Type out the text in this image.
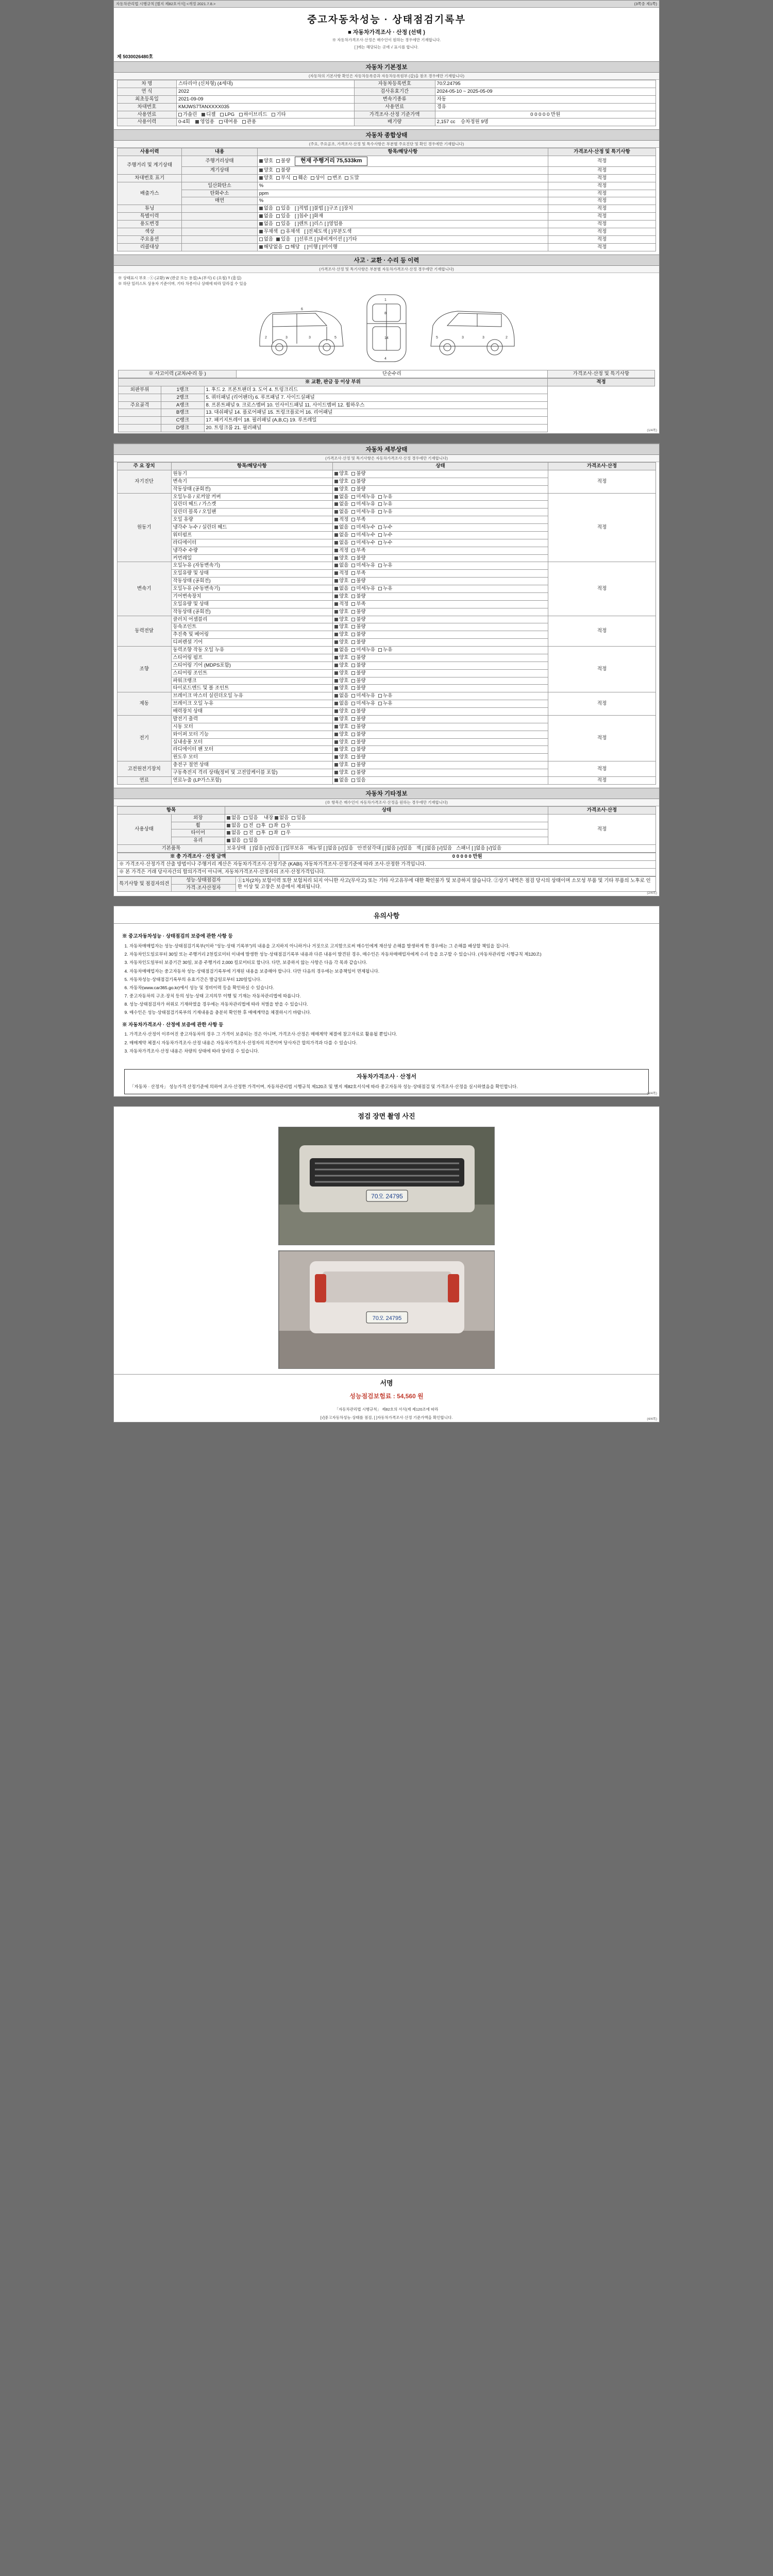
자동차관리법 시행규칙 [별지 제82호서식] <개정 2021.7.8.>	(3쪽중 제1쪽)
중고자동차성능 · 상태점검기록부
■ 자동차가격조사 · 산정 (선택 )
※ 자동차가격조사·산정은 매수인이 원하는 경우에만 기재합니다.
[ ]에는 해당되는 곳에 √ 표시를 합니다.
제 5030026480호
자동차 기본정보
(자동차의 기본사항 확인은 자동차등록증과 자동차등록원부 (갑)을 참조 경우에만 기재합니다)
차 명	스타리아 (신차형) (4세대)	자동차등록번호	70오24795
연 식	2022	검사유효기간	2024-05-10 ~ 2025-05-09
최초등록일	2021-09-09	변속기종류	자동
차대번호	KMJWS7TANXXXX035	사용연료	경유
사용연료	가솔린 디젤 LPG 하이브리드 기타	가격조사·산정 기준가액	0 0 0 0 0 만원
사용이력	0-4회 영업용 대여용 관용	배기량	2,157 cc 승차정원 9명
자동차 종합상태
(주요, 주요골조, 가격조사·산정 및 특수사항은 부분별 주요진단 및 확인 경우에만 기재합니다)
사용이력	내용	항목/해당사항	가격조사·산정 및 특기사항
주행거리 및 계기상태	주행거리상태	양호 불량 현재 주행거리 75,533km	적정
	계기상태	양호 불량	적정
차대번호 표기		양호 부식 훼손 상이 변조 도말	적정
배출가스	일산화탄소	%	적정
	탄화수소	ppm	적정
	매연	%	적정
튜닝		없음 있음 [ ]적법 [ ]불법 [ ]구조 [ ]장치	적정
특별이력		없음 있음 [ ]침수 [ ]화재	적정
용도변경		없음 있음 [ ]렌트 [ ]리스 [ ]영업용	적정
색상		무채색 유채색 [ ]전체도색 [ ]부분도색	적정
주요옵션		없음 있음 [ ]선루프 [ ]내비게이션 [ ]기타	적정
리콜대상		해당없음 해당 [ ]이행 [ ]미이행	적정
사고 · 교환 · 수리 등 이력
(가격조사·산정 및 특기사항은 부분별 자동차가격조사·산정 경우에만 기재합니다)
※ 상태표시 부호 : ⓧ (교환) W (판금 또는 용접) A (부식) C (요철) T (흠집)
※ 하단 일러스트 상용자 기준이며, 기타 차종이나 상태에 따라 달라질 수 있음
2	3	3	5
6
1
8
14
4
2
3
3
5
※ 사고이력 (교차/수리 등 )	단순수리	가격조사·산정 및 특기사항
※ 교환, 판금 등 이상 부위			적정
외판부위	1랭크	1. 후드 2. 프론트팬더 3. 도어 4. 트렁크리드	
	2랭크	5. 쿼터패널 (리어팬더) 6. 루프패널 7. 사이드실패널	
주요골격	A랭크	8. 프론트패널 9. 크로스멤버 10. 인사이드패널 11. 사이드멤버 12. 휠하우스	
	B랭크	13. 대쉬패널 14. 플로어패널 15. 트렁크플로어 16. 리어패널	
	C랭크	17. 패키지트레이 18. 필러패널 (A,B,C) 19. 루프레일	
	D랭크	20. 트렁크룸 21. 필러패널		(1/4쪽)
자동차 세부상태
(가격조사·산정 및 특기사항은 자동차가격조사·산정 경우에만 기재합니다)
주 요 장치	항목/해당사항	상태	가격조사·산정
자기진단	원동기	양호 불량	적정
	변속기	양호 불량	
	작동상태 (공회전)	양호 불량	
원동기	오일누유 / 로커암 커버	없음 미세누유 누유	적정
	실린더 헤드 / 가스켓	없음 미세누유 누유	
	실린더 블록 / 오일팬	없음 미세누유 누유	
	오일 유량	적정 부족	
	냉각수 누수 / 실린더 헤드	없음 미세누수 누수	
	워터펌프	없음 미세누수 누수	
	라디에이터	없음 미세누수 누수	
	냉각수 수량	적정 부족	
	커먼레일	양호 불량	
변속기	오일누유 (자동변속기)	없음 미세누유 누유	적정
	오일유량 및 상태	적정 부족	
	작동상태 (공회전)	양호 불량	
	오일누유 (수동변속기)	없음 미세누유 누유	
	기어변속장치	양호 불량	
	오일유량 및 상태	적정 부족	
	작동상태 (공회전)	양호 불량	
동력전달	클러치 어셈블리	양호 불량	적정
	등속조인트	양호 불량	
	추진축 및 베어링	양호 불량	
	디퍼렌셜 기어	양호 불량	
조향	동력조향 작동 오일 누유	없음 미세누유 누유	적정
	스티어링 펌프	양호 불량	
	스티어링 기어 (MDPS포함)	양호 불량	
	스티어링 조인트	양호 불량	
	파워크랭크	양호 불량	
	타이로드엔드 및 볼 조인트	양호 불량	
제동	브레이크 마스터 실린더오일 누유	없음 미세누유 누유	적정
	브레이크 오일 누유	없음 미세누유 누유	
	배력장치 상태	양호 불량	
전기	발전기 출력	양호 불량	적정
	시동 모터	양호 불량	
	와이퍼 모터 기능	양호 불량	
	실내송풍 모터	양호 불량	
	라디에이터 팬 모터	양호 불량	
	윈도우 모터	양호 불량	
고전원전기장치	충전구 절연 상태	양호 불량	적정
	구동축전지 격리 상태(정비 및 고전압케이블 포함)	양호 불량	
연료	연료누출 (LP가스포함)	없음 있음	적정
자동차 기타정보
(※ 항목은 매수인이 자동차가격조사·산정을 원하는 경우에만 기재합니다)
항목		상태	가격조사·산정
사용상태	외장	없음 있음 내장 없음 있음	적정
	휠	없음 전 후 좌 우	
	타이어	없음 전 후 좌 우	
	유리	없음 있음	
기본품목		보유상태   [ ]없음 [√]있음 [ ]일부보유   매뉴얼 [ ]없음 [√]있음   안전삼각대 [ ]없음 [√]있음   잭 [ ]없음 [√]있음   스패너 [ ]없음 [√]있음	
※ 총 가격조사 · 산정 금액	0 0 0 0 0 만원
※ 가격조사·산정가격 산출 방법이나 주행거리 계산은 자동차가격조사·산정기준 (KABI) 자동차가격조사·산정기준에 따라 조사·산정한 가격입니다.
※ 본 가격은 거래 당사자간의 합의가격이 아니며, 자동차가격조사·산정자의 조사·산정가격입니다.
특기사항 및 점검자의견	성능·상태점검자	①1차(2차) 보험이력 또한 보험처리 되지 아니한 사고(무사고) 또는 기타 사고유무에 대한 확인불가 및 보증하지 않습니다. ②상기 내역은 점검 당시의 상태이며 소모성 부품 및 기타 부품의 노후로 인한 이상 및 고장은 보증에서 제외됩니다.
가격·조사산정자
(2/4쪽)
유의사항
※ 중고자동차성능 · 상태점검의 보증에 관한 사항 등
1. 자동차매매업자는 성능·상태점검기록부(이하 "성능·상태 기록부")의 내용을 고지하지 아니하거나 거짓으로 고지함으로써 매수인에게 재산상 손해를 발생하게 한 경우에는 그 손해를 배상할 책임을 집니다.
2. 자동차인도일로부터 30일 또는 주행거리 2천킬로미터 이내에 발생한 성능·상태점검기록부 내용과 다른 내용이 발견된 경우, 매수인은 자동차매매업자에게 수리 등을 요구할 수 있습니다. (자동차관리법 시행규칙 제120조)
3. 자동차인도일부터 보증기간 30일, 보증 주행거리 2,000 킬로미터로 합니다. 다만, 보증하지 않는 사항은 다음 각 목과 같습니다.
4. 자동차매매업자는 중고자동차 성능·상태점검기록부에 기재된 내용을 보증해야 합니다. 다만 다음의 경우에는 보증책임이 면제됩니다.
5. 자동차성능·상태점검기록부의 유효기간은 발급일로부터 120일입니다.
6. 자동차(www.car365.go.kr)에서 성능 및 정비이력 등을 확인하실 수 있습니다.
7. 중고자동차의 구조·장치 등의 성능·상태 고지의무 이행 및 기재는 자동차관리법에 따릅니다.
8. 성능·상태점검자가 허위로 기재하였을 경우에는 자동차관리법에 따라 처벌을 받을 수 있습니다.
9. 매수인은 성능·상태점검기록부의 기재내용을 충분히 확인한 후 매매계약을 체결하시기 바랍니다.
※ 자동차가격조사 · 산정에 보증에 관한 사항 등
1. 가격조사·산정이 이루어진 중고자동차의 경우 그 가격이 보증되는 것은 아니며, 가격조사·산정은 매매계약 체결에 참고자료로 활용될 뿐입니다.
2. 매매계약 체결시 자동차가격조사·산정 내용은 자동차가격조사·산정자의 의견이며 당사자간 합의가격과 다를 수 있습니다.
3. 자동차가격조사·산정 내용은 차량의 상태에 따라 달라질 수 있습니다.
자동차가격조사 · 산정서
「자동차 · 산정자」 성능가격 산정기준에 의하여 조사·산정한 가격이며, 자동차관리법 시행규칙 제120조 및 별지 제82호서식에 따라 중고자동차 성능·상태점검 및 가격조사·산정을 실시하였음을 확인합니다.
(3/4쪽)
점검 장면 촬영 사진
70오 24795
70오 24795
서명
성능점검보험료 : 54,560 원
「자동차관리법 시행규칙」 제82호의 서식(제 제120조에 따라
[√]중고자동차성능·상태를 점검, [ ]자동차가격조사·산정 기준가액을 확인합니다.	(4/4쪽)
